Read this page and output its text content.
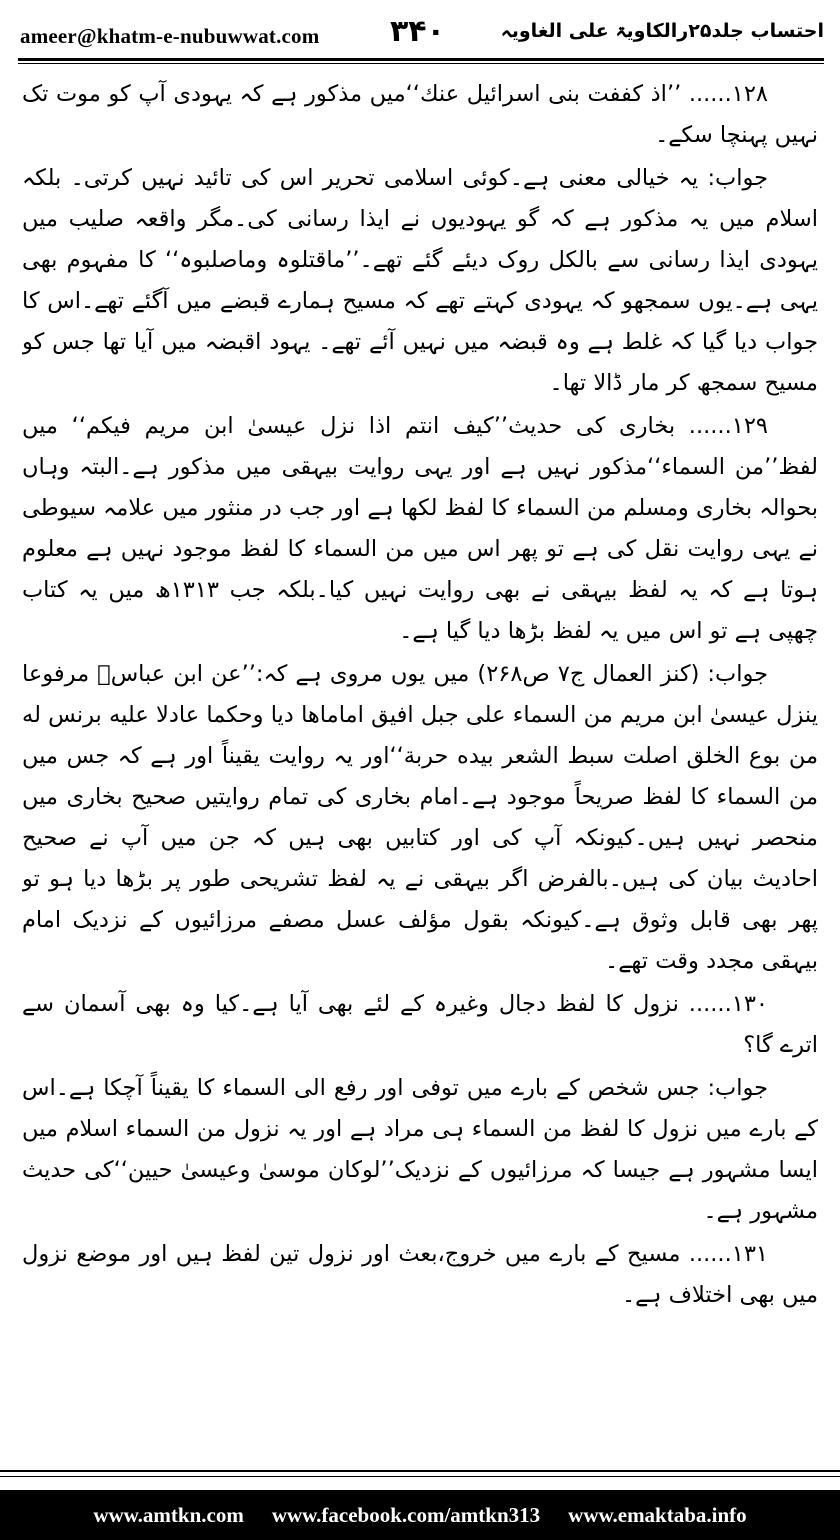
ameer@khatm-e-nubuwwat.com ۳۴۰	احتساب جلد۲۵رالکاویۃ علی الغاویہ

۱۲۸...... ’’اذ کففت بنی اسرائیل عنك‘‘میں مذکور ہے کہ یہودی آپ کو موت تک نہیں پہنچا سکے۔

جواب: یہ خیالی معنی ہے۔کوئی اسلامی تحریر اس کی تائید نہیں کرتی۔ بلکہ اسلام میں یہ مذکور ہے کہ گو یہودیوں نے ایذا رسانی کی۔مگر واقعہ صلیب میں یہودی ایذا رسانی سے بالکل روک دیئے گئے تھے۔’’ماقتلوہ وماصلبوہ‘‘ کا مفہوم بھی یہی ہے۔یوں سمجھو کہ یہودی کہتے تھے کہ مسیح ہمارے قبضے میں آگئے تھے۔اس کا جواب دیا گیا کہ غلط ہے وہ قبضہ میں نہیں آئے تھے۔ یہود اقبضہ میں آیا تھا جس کو مسیح سمجھ کر مار ڈالا تھا۔

۱۲۹...... بخاری کی حدیث’’کیف انتم اذا نزل عیسیٰ ابن مریم فیکم‘‘ میں لفظ’’من السماء‘‘مذکور نہیں ہے اور یہی روایت بیہقی میں مذکور ہے۔البتہ وہاں بحوالہ بخاری ومسلم من السماء کا لفظ لکھا ہے اور جب در منثور میں علامہ سیوطی نے یہی روایت نقل کی ہے تو پھر اس میں من السماء کا لفظ موجود نہیں ہے معلوم ہوتا ہے کہ یہ لفظ بیہقی نے بھی روایت نہیں کیا۔بلکہ جب ۱۳۱۳ھ میں یہ کتاب چھپی ہے تو اس میں یہ لفظ بڑھا دیا گیا ہے۔

جواب: (کنز العمال ج۷ ص۲۶۸) میں یوں مروی ہے کہ:’’عن ابن عباسؓ مرفوعا ینزل عیسیٰ ابن مریم من السماء علی جبل افیق اماماها دیا وحکما عادلا علیه برنس له من بوع الخلق اصلت سبط الشعر بیده حربة‘‘اور یہ روایت یقیناً اور ہے کہ جس میں من السماء کا لفظ صریحاً موجود ہے۔امام بخاری کی تمام روایتیں صحیح بخاری میں منحصر نہیں ہیں۔کیونکہ آپ کی اور کتابیں بھی ہیں کہ جن میں آپ نے صحیح احادیث بیان کی ہیں۔بالفرض اگر بیہقی نے یہ لفظ تشریحی طور پر بڑھا دیا ہو تو پھر بھی قابل وثوق ہے۔کیونکہ بقول مؤلف عسل مصفے مرزائیوں کے نزدیک امام بیہقی مجدد وقت تھے۔

۱۳۰...... نزول کا لفظ دجال وغیرہ کے لئے بھی آیا ہے۔کیا وہ بھی آسمان سے اترے گا؟

جواب: جس شخص کے بارے میں توفی اور رفع الی السماء کا یقیناً آچکا ہے۔اس کے بارے میں نزول کا لفظ من السماء ہی مراد ہے اور یہ نزول من السماء اسلام میں ایسا مشہور ہے جیسا کہ مرزائیوں کے نزدیک’’لوکان موسیٰ وعیسیٰ حیین‘‘کی حدیث مشہور ہے۔

۱۳۱...... مسیح کے بارے میں خروج،بعث اور نزول تین لفظ ہیں اور موضع نزول میں بھی اختلاف ہے۔

www.amtkn.com www.facebook.com/amtkn313 www.emaktaba.info
